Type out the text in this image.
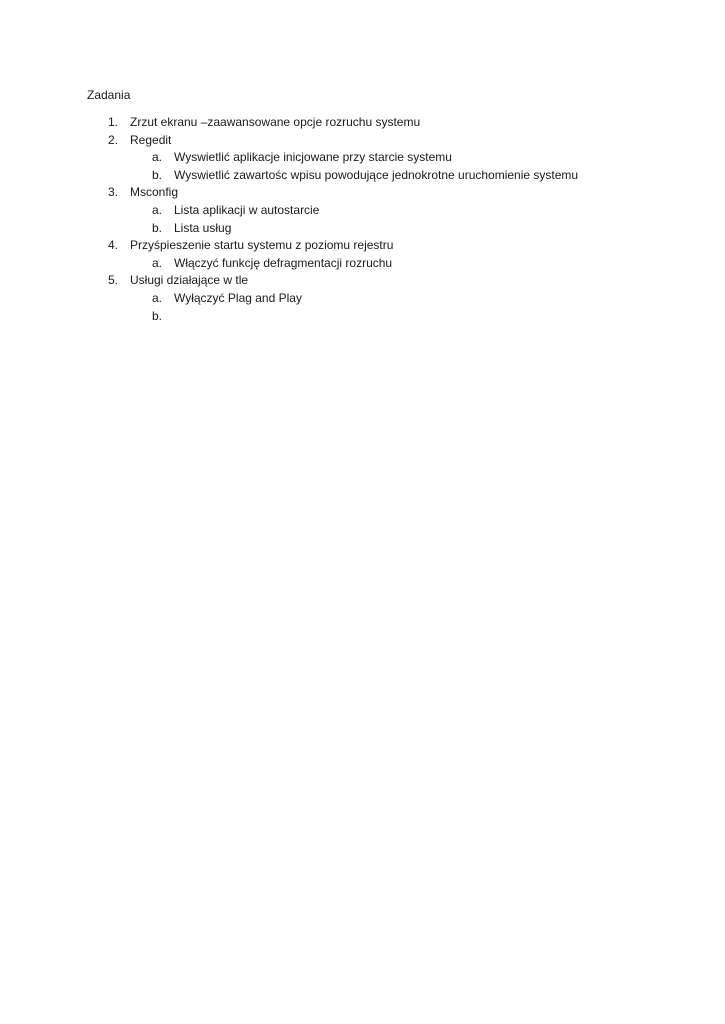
Zadania
1. Zrzut ekranu –zaawansowane opcje rozruchu systemu
2. Regedit
a. Wyswietlić aplikacje inicjowane przy starcie systemu
b. Wyswietlić zawartośc wpisu powodujące jednokrotne uruchomienie systemu
3. Msconfig
a. Lista aplikacji w autostarcie
b. Lista usług
4. Przyśpieszenie startu systemu z poziomu rejestru
a. Włączyć funkcję defragmentacji rozruchu
5. Usługi działające w tle
a. Wyłączyć Plag and Play
b.
